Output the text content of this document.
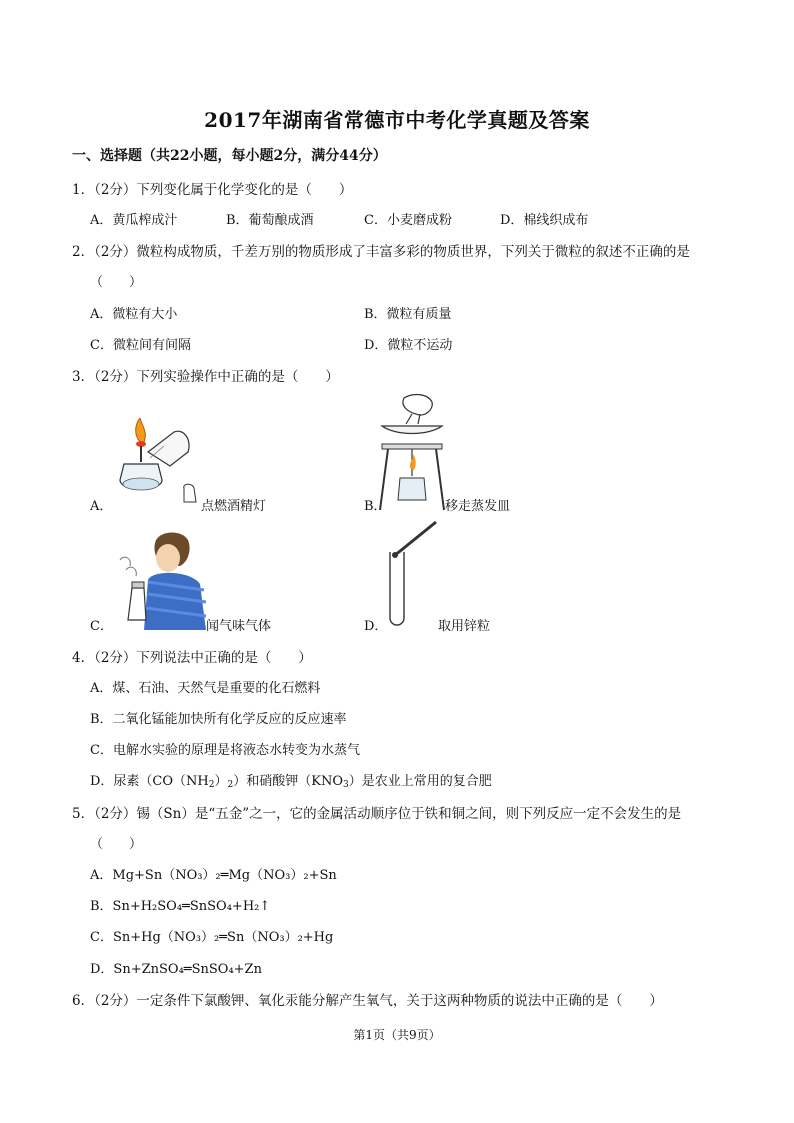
2017年湖南省常德市中考化学真题及答案
一、选择题（共22小题，每小题2分，满分44分）
1．（2分）下列变化属于化学变化的是（　　）
A．黄瓜榨成汁	B．葡萄酿成酒	C．小麦磨成粉	D．棉线织成布
2．（2分）微粒构成物质，千差万别的物质形成了丰富多彩的物质世界，下列关于微粒的叙述不正确的是
（　　）
A．微粒有大小	B．微粒有质量
C．微粒间有间隔	D．微粒不运动
3．（2分）下列实验操作中正确的是（　　）
A．	点燃酒精灯	B．	移走蒸发皿
C．	闻气味气体	D．	取用锌粒
4．（2分）下列说法中正确的是（　　）
A．煤、石油、天然气是重要的化石燃料
B．二氧化锰能加快所有化学反应的反应速率
C．电解水实验的原理是将液态水转变为水蒸气
D．尿素$(CO(NH_2)_2)$和硝酸钾$(KNO_3)$是农业上常用的复合肥
5．（2分）锡（Sn）是“五金”之一，它的金属活动顺序位于铁和铜之间，则下列反应一定不会发生的是
（　　）
A．Mg+Sn（NO₃）₂═Mg（NO₃）₂+Sn
B．Sn+H₂SO₄═SnSO₄+H₂↑
C．Sn+Hg（NO₃）₂═Sn（NO₃）₂+Hg
D．Sn+ZnSO₄═SnSO₄+Zn
6．（2分）一定条件下氯酸钾、氧化汞能分解产生氧气，关于这两种物质的说法中正确的是（　　）
第1页（共9页）
